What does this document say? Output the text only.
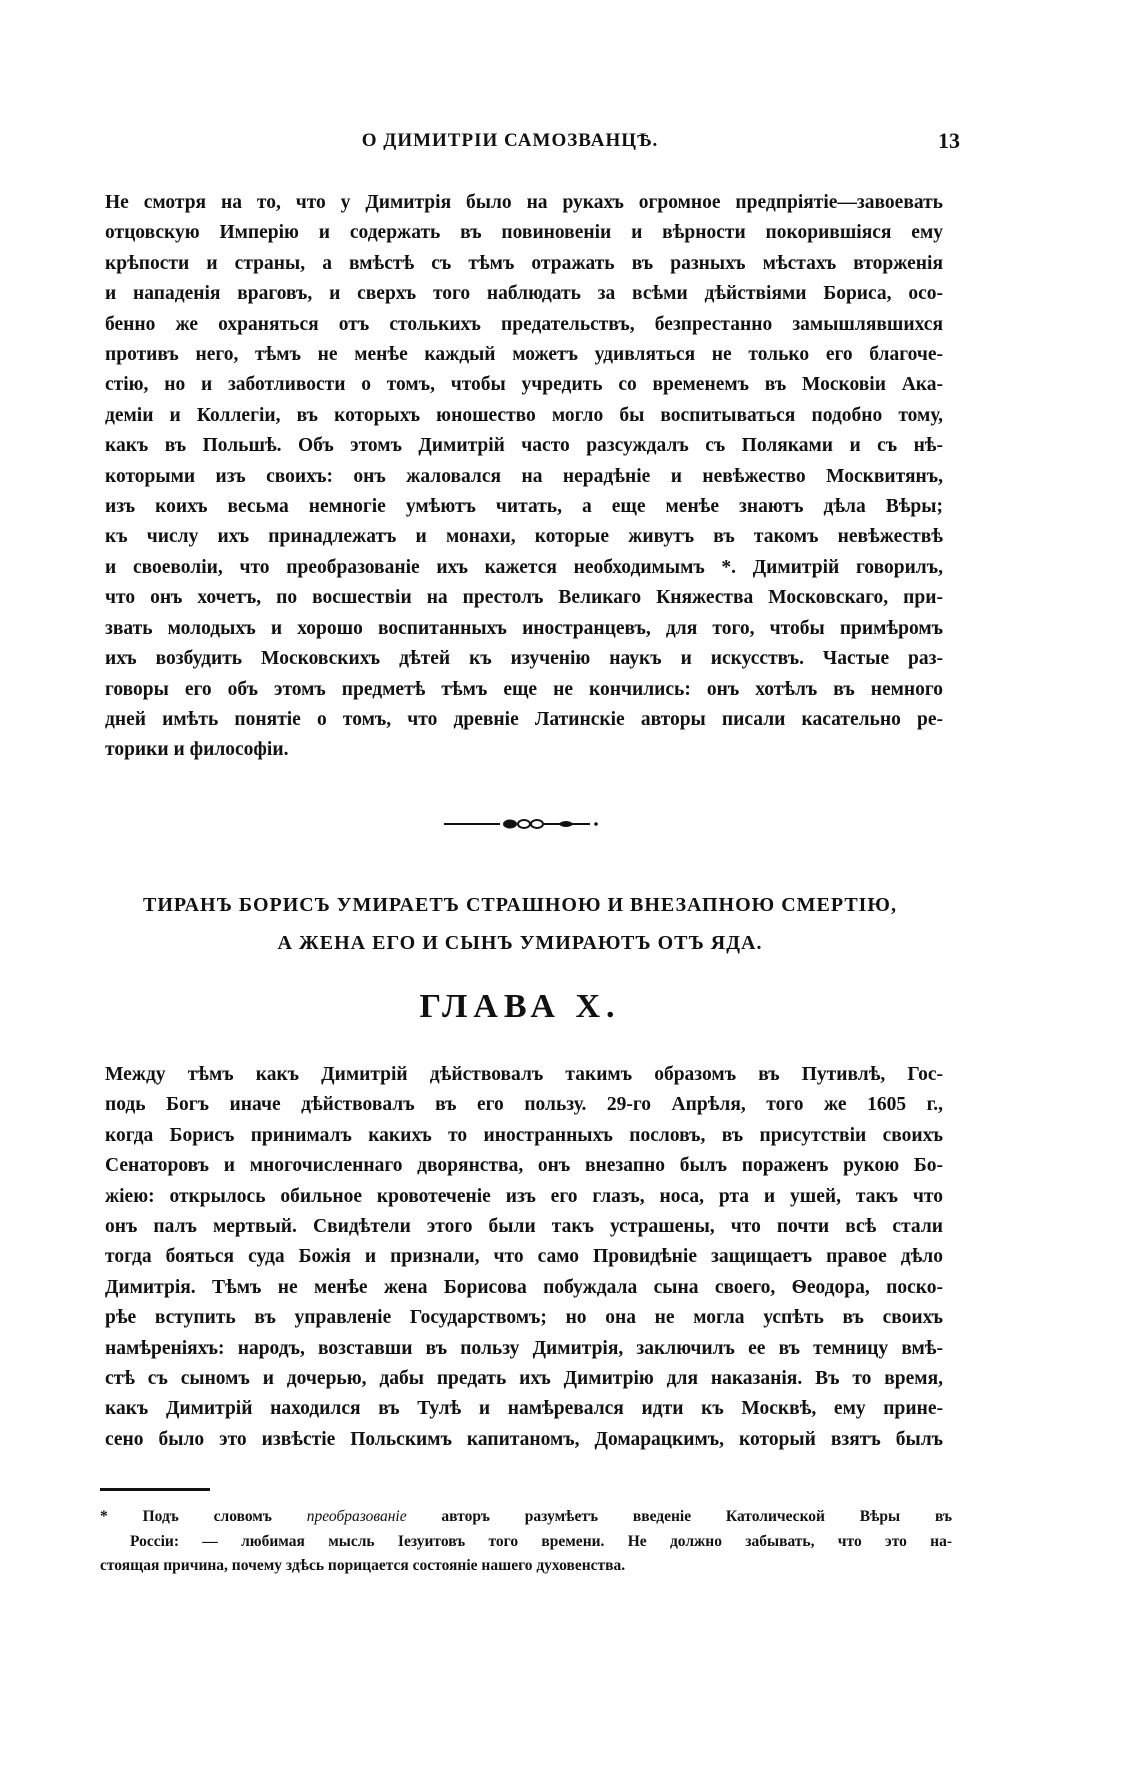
О ДИМИТРІИ САМОЗВАНЦѢ.	13
Не смотря на то, что у Димитрія было на рукахъ огромное предпріятіе—завоевать
отцовскую Имперію и содержать въ повиновеніи и вѣрности покорившіяся ему
крѣпости и страны, а вмѣстѣ съ тѣмъ отражать въ разныхъ мѣстахъ вторженія
и нападенія враговъ, и сверхъ того наблюдать за всѣми дѣйствіями Бориса, осо-
бенно же охраняться отъ столькихъ предательствъ, безпрестанно замышлявшихся
противъ него, тѣмъ не менѣе каждый можетъ удивляться не только его благоче-
стію, но и заботливости о томъ, чтобы учредить со временемъ въ Московіи Ака-
деміи и Коллегіи, въ которыхъ юношество могло бы воспитываться подобно тому,
какъ въ Польшѣ. Объ этомъ Димитрій часто разсуждалъ съ Поляками и съ нѣ-
которыми изъ своихъ: онъ жаловался на нерадѣніе и невѣжество Москвитянъ,
изъ коихъ весьма немногіе умѣютъ читать, а еще менѣе знаютъ дѣла Вѣры;
къ числу ихъ принадлежатъ и монахи, которые живутъ въ такомъ невѣжествѣ
и своеволіи, что преобразованіе ихъ кажется необходимымъ *. Димитрій говорилъ,
что онъ хочетъ, по восшествіи на престолъ Великаго Княжества Московскаго, при-
звать молодыхъ и хорошо воспитанныхъ иностранцевъ, для того, чтобы примѣромъ
ихъ возбудить Московскихъ дѣтей къ изученію наукъ и искусствъ. Частые раз-
говоры его объ этомъ предметѣ тѣмъ еще не кончились: онъ хотѣлъ въ немного
дней имѣть понятіе о томъ, что древніе Латинскіе авторы писали касательно ре-
торики и философіи.
ТИРАНЪ БОРИСЪ УМИРАЕТЪ СТРАШНОЮ И ВНЕЗАПНОЮ СМЕРТІЮ,
А ЖЕНА ЕГО И СЫНЪ УМИРАЮТЪ ОТЪ ЯДА.
ГЛАВА X.
Между тѣмъ какъ Димитрій дѣйствовалъ такимъ образомъ въ Путивлѣ, Гос-
подь Богъ иначе дѣйствовалъ въ его пользу. 29-го Апрѣля, того же 1605 г.,
когда Борисъ принималъ какихъ то иностранныхъ пословъ, въ присутствіи своихъ
Сенаторовъ и многочисленнаго дворянства, онъ внезапно былъ пораженъ рукою Бо-
жіею: открылось обильное кровотеченіе изъ его глазъ, носа, рта и ушей, такъ что
онъ палъ мертвый. Свидѣтели этого были такъ устрашены, что почти всѣ стали
тогда бояться суда Божія и признали, что само Провидѣніе защищаетъ правое дѣло
Димитрія. Тѣмъ не менѣе жена Борисова побуждала сына своего, Ѳеодора, поско-
рѣе вступить въ управленіе Государствомъ; но она не могла успѣть въ своихъ
намѣреніяхъ: народъ, возставши въ пользу Димитрія, заключилъ ее въ темницу вмѣ-
стѣ съ сыномъ и дочерью, дабы предать ихъ Димитрію для наказанія. Въ то время,
какъ Димитрій находился въ Тулѣ и намѣревался идти къ Москвѣ, ему прине-
сено было это извѣстіе Польскимъ капитаномъ, Домарацкимъ, который взятъ былъ
* Подъ словомъ преобразованіе авторъ разумѣетъ введеніе Католической Вѣры въ
Россіи: — любимая мысль Іезуитовъ того времени. Не должно забывать, что это на-
стоящая причина, почему здѣсь порицается состояніе нашего духовенства.
